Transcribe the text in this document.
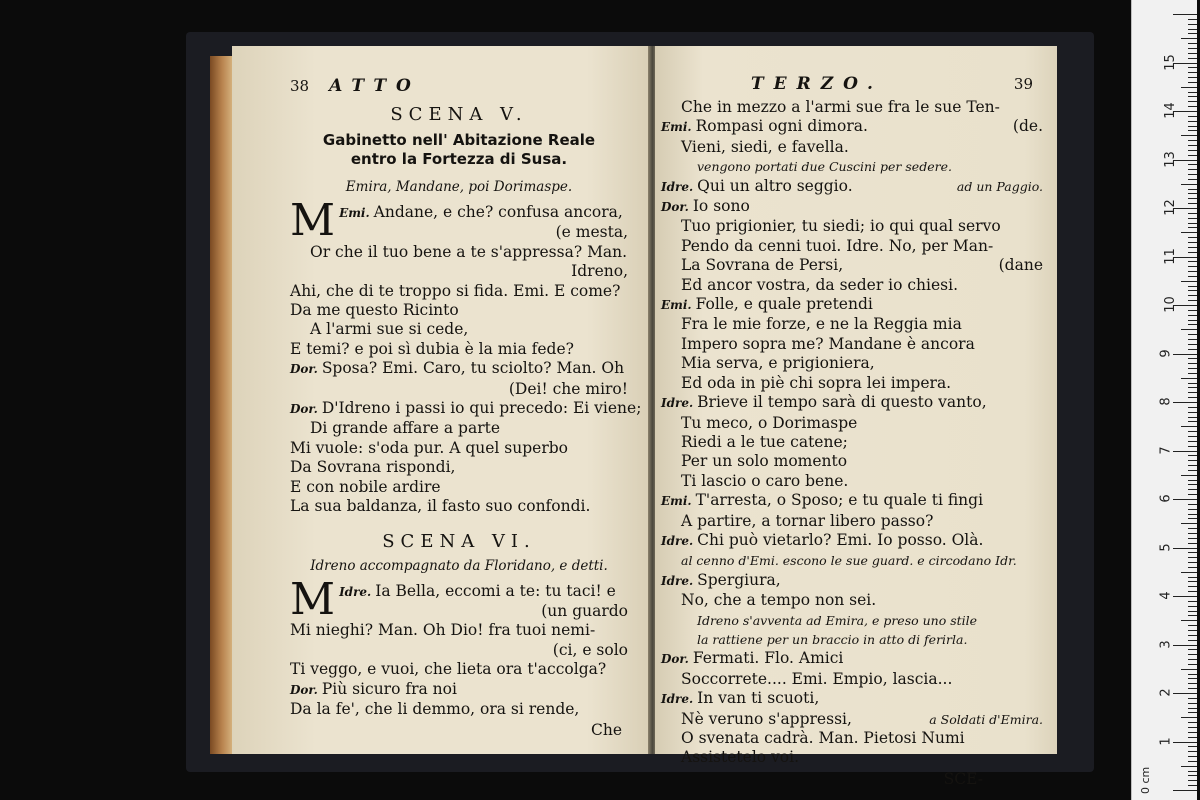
38 ATTO
SCENA V.
Gabinetto nell' Abitazione Reale
entro la Fortezza di Susa.
Emira, Mandane, poi Dorimaspe.
Emi.
M Andane, e che? confusa ancora,
(e mesta,
Or che il tuo bene a te s'appressa? Man.
Idreno,
Ahi, che di te troppo si fida. Emi. E come?
Da me questo Ricinto
A l'armi sue si cede,
E temi? e poi sì dubia è la mia fede?
Dor. Sposa? Emi. Caro, tu sciolto? Man. Oh
(Dei! che miro!
Dor. D'Idreno i passi io qui precedo: Ei viene;
Di grande affare a parte
Mi vuole: s'oda pur. A quel superbo
Da Sovrana rispondi,
E con nobile ardire
La sua baldanza, il fasto suo confondi.
SCENA VI.
Idreno accompagnato da Floridano, e detti.
Idre.
M	Ia Bella, eccomi a te: tu taci! e
(un guardo
Mi nieghi? Man. Oh Dio! fra tuoi nemi-
(ci, e solo
Ti veggo, e vuoi, che lieta ora t'accolga?
Dor. Più sicuro fra noi
Da la fe', che li demmo, ora si rende,
Che
TERZO.	39
Che in mezzo a l'armi sue fra le sue Ten-
Emi. Rompasi ogni dimora.	(de.
Vieni, siedi, e favella.
vengono portati due Cuscini per sedere.
Idre. Qui un altro seggio.	ad un Paggio.
Dor. Io sono
Tuo prigionier, tu siedi; io qui qual servo
Pendo da cenni tuoi. Idre. No, per Man-
La Sovrana de Persi,	(dane
Ed ancor vostra, da seder io chiesi.
Emi. Folle, e quale pretendi
Fra le mie forze, e ne la Reggia mia
Impero sopra me? Mandane è ancora
Mia serva, e prigioniera,
Ed oda in piè chi sopra lei impera.
Idre. Brieve il tempo sarà di questo vanto,
Tu meco, o Dorimaspe
Riedi a le tue catene;
Per un solo momento
Ti lascio o caro bene.
Emi. T'arresta, o Sposo; e tu quale ti fingi
A partire, a tornar libero passo?
Idre. Chi può vietarlo? Emi. Io posso. Olà.
al cenno d'Emi. escono le sue guard. e circodano Idr.
Idre. Spergiura,
No, che a tempo non sei.
Idreno s'avventa ad Emira, e preso uno stile
la rattiene per un braccio in atto di ferirla.
Dor. Fermati. Flo. Amici
Soccorrete.... Emi. Empio, lascia...
Idre. In van ti scuoti,
Nè veruno s'appressi,	a Soldati d'Emira.
O svenata cadrà. Man. Pietosi Numi
Assistetelo voi.
SCE-
1
2
3
4
5
6
7
8
9
10
11
12
13
14
15
0 cm
